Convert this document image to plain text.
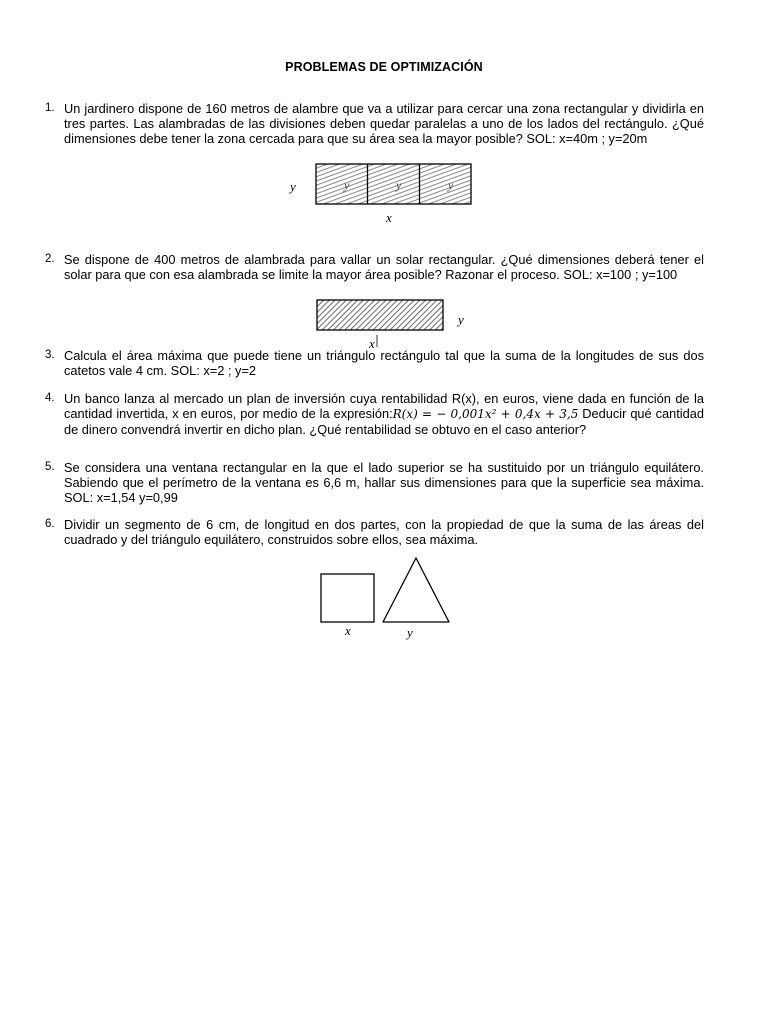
PROBLEMAS DE OPTIMIZACIÓN
1. Un jardinero dispone de 160 metros de alambre que va a utilizar para cercar una zona rectangular y dividirla en tres partes. Las alambradas de las divisiones deben quedar paralelas a uno de los lados del rectángulo. ¿Qué dimensiones debe tener la zona cercada para que su área sea la mayor posible? SOL: x=40m ; y=20m
y	y	y	y
x
2. Se dispone de 400 metros de alambrada para vallar un solar rectangular. ¿Qué dimensiones deberá tener el solar para que con esa alambrada se limite la mayor área posible? Razonar el proceso. SOL: x=100 ; y=100
y
x
3. Calcula el área máxima que puede tiene un triángulo rectángulo tal que la suma de la longitudes de sus dos catetos vale 4 cm. SOL: x=2 ; y=2
4. Un banco lanza al mercado un plan de inversión cuya rentabilidad R(x), en euros, viene dada en función de la cantidad invertida, x en euros, por medio de la expresión:R(x) = − 0,001x² + 0,4x + 3,5 Deducir qué cantidad de dinero convendrá invertir en dicho plan. ¿Qué rentabilidad se obtuvo en el caso anterior?
5. Se considera una ventana rectangular en la que el lado superior se ha sustituido por un triángulo equilátero. Sabiendo que el perímetro de la ventana es 6,6 m, hallar sus dimensiones para que la superficie sea máxima. SOL: x=1,54 y=0,99
6. Dividir un segmento de 6 cm, de longitud en dos partes, con la propiedad de que la suma de las áreas del cuadrado y del triángulo equilátero, construidos sobre ellos, sea máxima.
x	y
